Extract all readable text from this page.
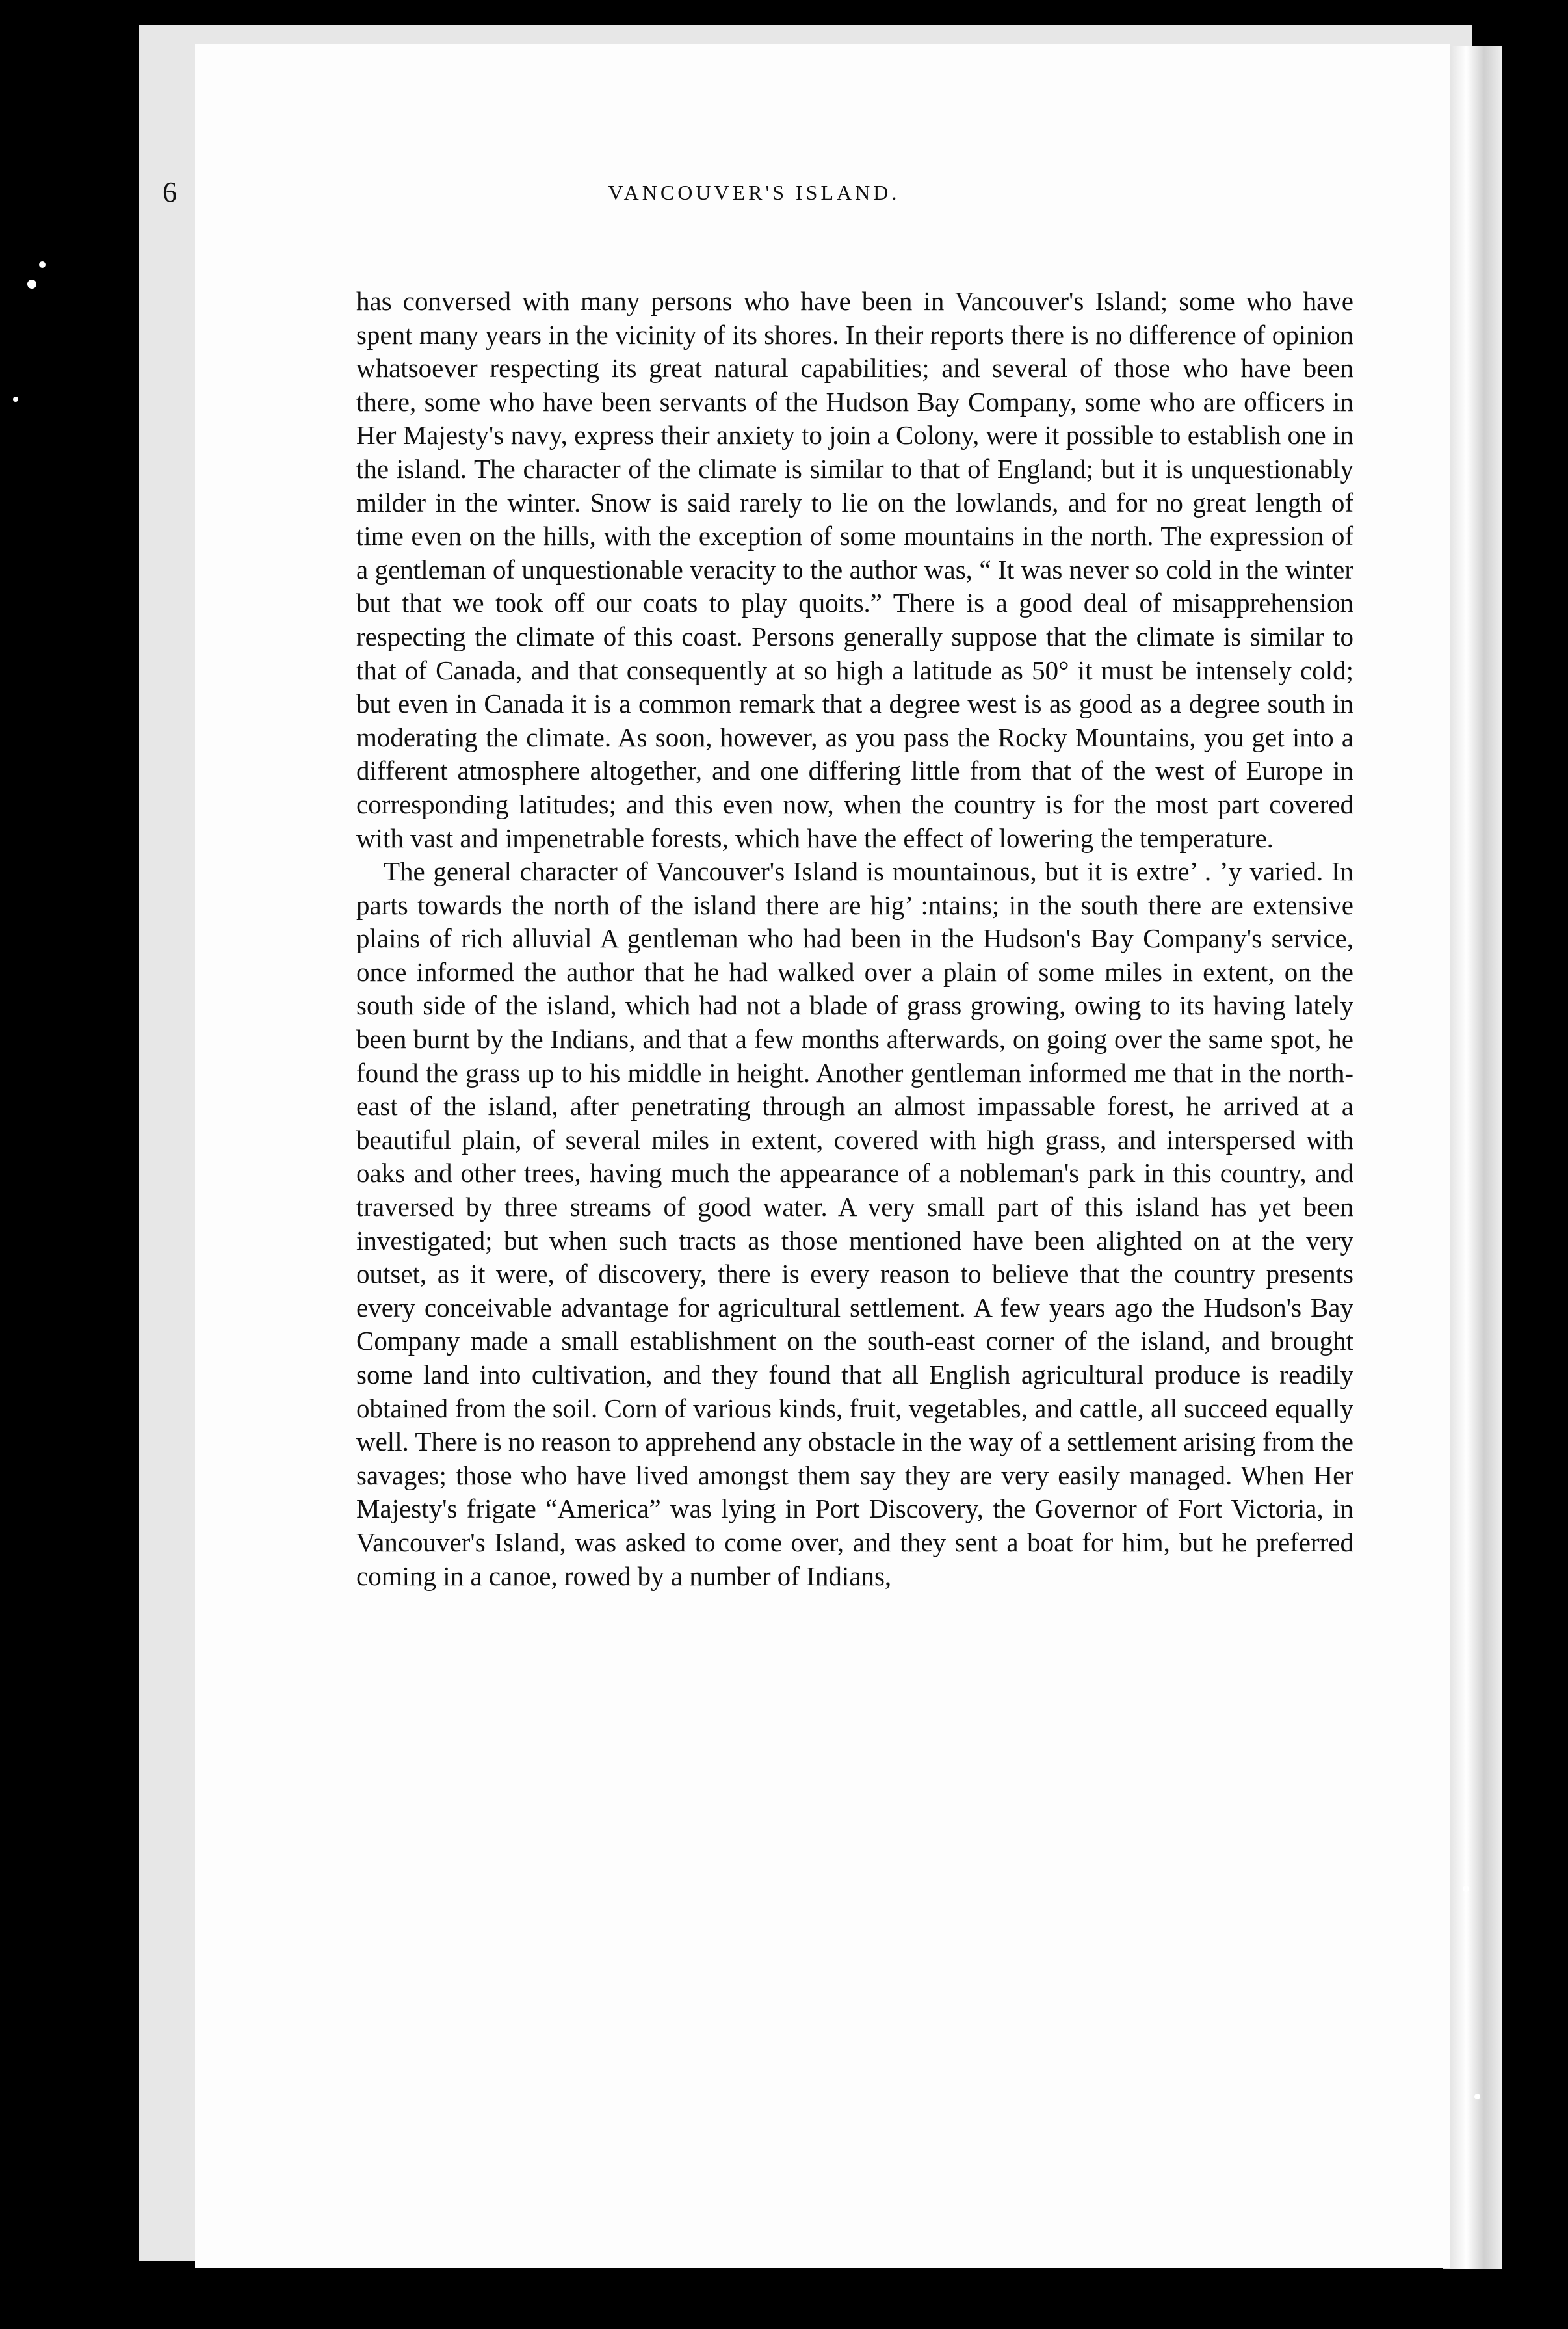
6	VANCOUVER'S ISLAND.

has conversed with many persons who have been in Vancouver's Island; some who have spent many years in the vicinity of its shores. In their reports there is no difference of opinion whatsoever respecting its great natural capabilities; and several of those who have been there, some who have been servants of the Hudson Bay Company, some who are officers in Her Majesty's navy, express their anxiety to join a Colony, were it possible to establish one in the island. The character of the climate is similar to that of England; but it is unquestionably milder in the winter. Snow is said rarely to lie on the lowlands, and for no great length of time even on the hills, with the exception of some mountains in the north. The expression of a gentleman of unquestionable veracity to the author was, “ It was never so cold in the winter but that we took off our coats to play quoits.” There is a good deal of misapprehension respecting the climate of this coast. Persons generally suppose that the climate is similar to that of Canada, and that consequently at so high a latitude as 50° it must be intensely cold; but even in Canada it is a common remark that a degree west is as good as a degree south in moderating the climate. As soon, however, as you pass the Rocky Mountains, you get into a different atmosphere altogether, and one differing little from that of the west of Europe in corresponding latitudes; and this even now, when the country is for the most part covered with vast and impenetrable forests, which have the effect of lowering the temperature.

The general character of Vancouver's Island is mountainous, but it is extre’ . ’y varied. In parts towards the north of the island there are hig’ :ntains; in the south there are extensive plains of rich alluvial A gentleman who had been in the Hudson's Bay Company's service, once informed the author that he had walked over a plain of some miles in extent, on the south side of the island, which had not a blade of grass growing, owing to its having lately been burnt by the Indians, and that a few months afterwards, on going over the same spot, he found the grass up to his middle in height. Another gentleman informed me that in the north-east of the island, after penetrating through an almost impassable forest, he arrived at a beautiful plain, of several miles in extent, covered with high grass, and interspersed with oaks and other trees, having much the appearance of a nobleman's park in this country, and traversed by three streams of good water. A very small part of this island has yet been investigated; but when such tracts as those mentioned have been alighted on at the very outset, as it were, of discovery, there is every reason to believe that the country presents every conceivable advantage for agricultural settlement. A few years ago the Hudson's Bay Company made a small establishment on the south-east corner of the island, and brought some land into cultivation, and they found that all English agricultural produce is readily obtained from the soil. Corn of various kinds, fruit, vegetables, and cattle, all succeed equally well. There is no reason to apprehend any obstacle in the way of a settlement arising from the savages; those who have lived amongst them say they are very easily managed. When Her Majesty's frigate “America” was lying in Port Discovery, the Governor of Fort Victoria, in Vancouver's Island, was asked to come over, and they sent a boat for him, but he preferred coming in a canoe, rowed by a number of Indians,
